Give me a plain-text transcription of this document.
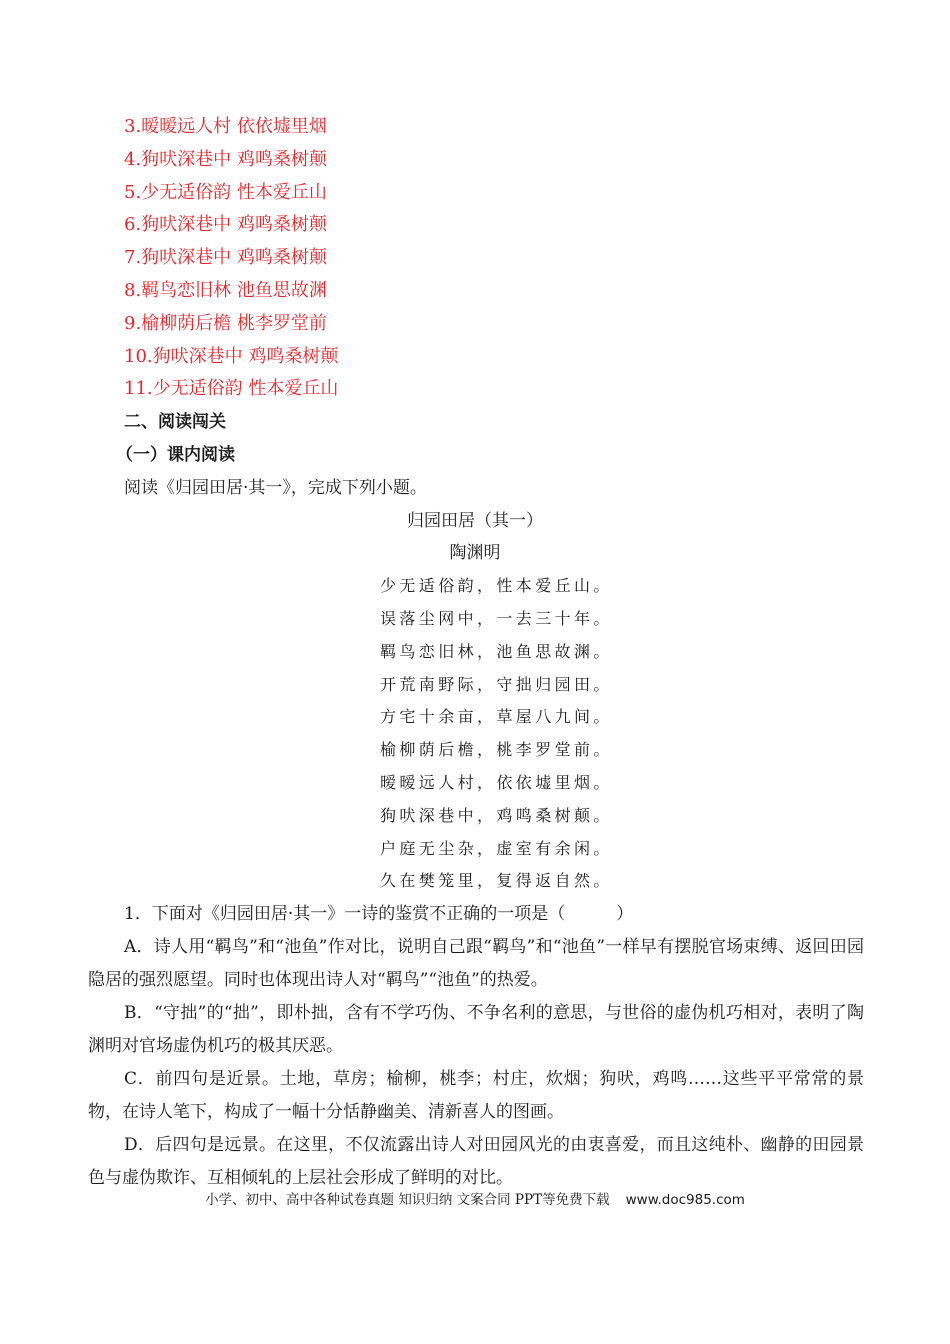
3.暧暧远人村 依依墟里烟
4.狗吠深巷中 鸡鸣桑树颠
5.少无适俗韵 性本爱丘山
6.狗吠深巷中 鸡鸣桑树颠
7.狗吠深巷中 鸡鸣桑树颠
8.羁鸟恋旧林 池鱼思故渊
9.榆柳荫后檐 桃李罗堂前
10.狗吠深巷中 鸡鸣桑树颠
11.少无适俗韵 性本爱丘山
二、阅读闯关
（一）课内阅读
阅读《归园田居·其一》，完成下列小题。
归园田居（其一）
陶渊明
少无适俗韵，性本爱丘山。
误落尘网中，一去三十年。
羁鸟恋旧林，池鱼思故渊。
开荒南野际，守拙归园田。
方宅十余亩，草屋八九间。
榆柳荫后檐，桃李罗堂前。
暧暧远人村，依依墟里烟。
狗吠深巷中，鸡鸣桑树颠。
户庭无尘杂，虚室有余闲。
久在樊笼里，复得返自然。
1．下面对《归园田居·其一》一诗的鉴赏不正确的一项是（　　　）

A．诗人用“羁鸟”和“池鱼”作对比，说明自己跟“羁鸟”和“池鱼”一样早有摆脱官场束缚、返回田园隐居的强烈愿望。同时也体现出诗人对“羁鸟”“池鱼”的热爱。

B．“守拙”的“拙”，即朴拙，含有不学巧伪、不争名利的意思，与世俗的虚伪机巧相对，表明了陶渊明对官场虚伪机巧的极其厌恶。

C．前四句是近景。土地，草房；榆柳，桃李；村庄，炊烟；狗吠，鸡鸣……这些平平常常的景物，在诗人笔下，构成了一幅十分恬静幽美、清新喜人的图画。

D．后四句是远景。在这里，不仅流露出诗人对田园风光的由衷喜爱，而且这纯朴、幽静的田园景色与虚伪欺诈、互相倾轧的上层社会形成了鲜明的对比。

小学、初中、高中各种试卷真题 知识归纳 文案合同 PPT等免费下载 www.doc985.com
